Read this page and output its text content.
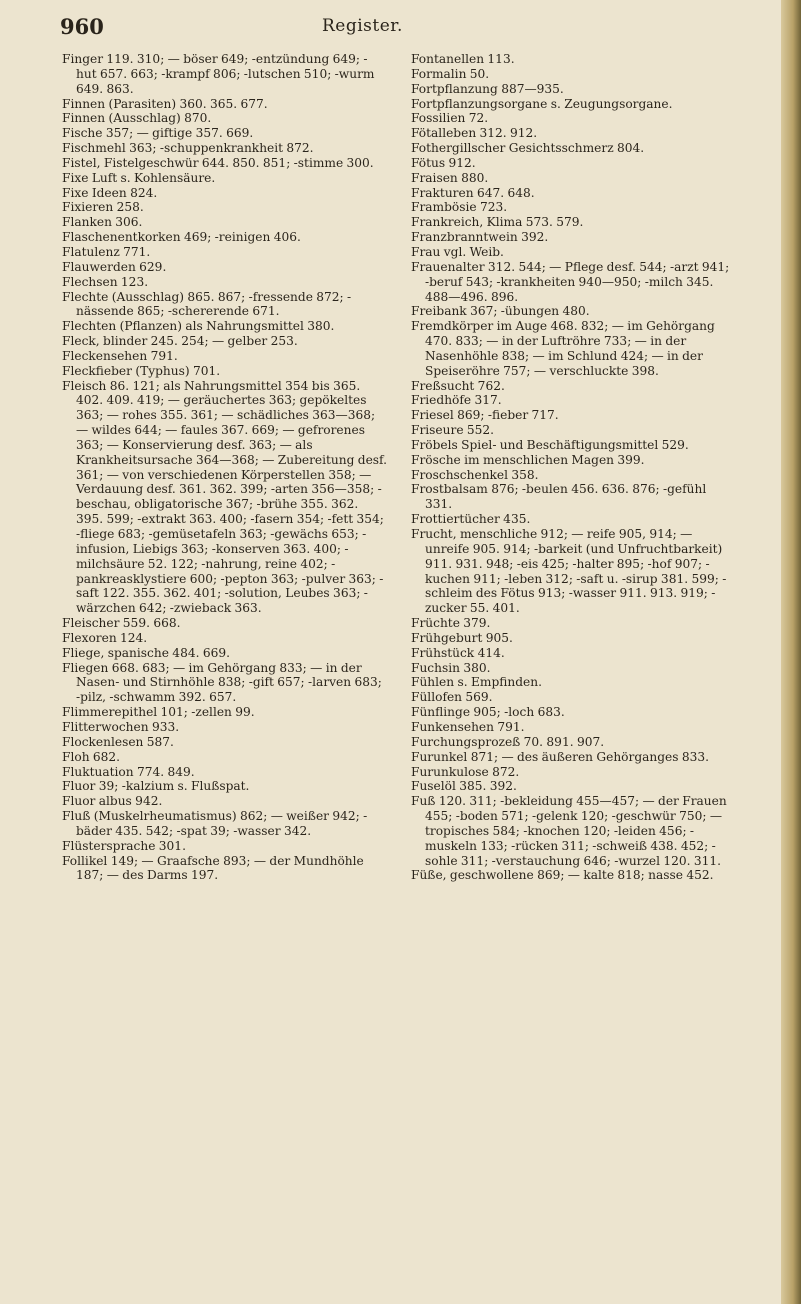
960	Register.

Finger 119. 310; — böser 649; -entzündung 649; -hut 657. 663; -krampf 806; -lutschen 510; -wurm 649. 863.

Finnen (Parasiten) 360. 365. 677.

Finnen (Ausschlag) 870.

Fische 357; — giftige 357. 669.

Fischmehl 363; -schuppenkrankheit 872.

Fistel, Fistelgeschwür 644. 850. 851; -stimme 300.

Fixe Luft s. Kohlensäure.

Fixe Ideen 824.

Fixieren 258.

Flanken 306.

Flaschenentkorken 469; -reinigen 406.

Flatulenz 771.

Flauwerden 629.

Flechsen 123.

Flechte (Ausschlag) 865. 867; -fressende 872; -nässende 865; -schererende 671.

Flechten (Pflanzen) als Nahrungsmittel 380.

Fleck, blinder 245. 254; — gelber 253.

Fleckensehen 791.

Fleckfieber (Typhus) 701.

Fleisch 86. 121; als Nahrungsmittel 354 bis 365. 402. 409. 419; — geräuchertes 363; gepökeltes 363; — rohes 355. 361; — schädliches 363—368; — wildes 644; — faules 367. 669; — gefrorenes 363; — Konservierung desf. 363; — als Krankheitsursache 364—368; — Zubereitung desf. 361; — von verschiedenen Körperstellen 358; — Verdauung desf. 361. 362. 399; -arten 356—358; -beschau, obligatorische 367; -brühe 355. 362. 395. 599; -extrakt 363. 400; -fasern 354; -fett 354; -fliege 683; -gemüsetafeln 363; -gewächs 653; -infusion, Liebigs 363; -konserven 363. 400; -milchsäure 52. 122; -nahrung, reine 402; -pankreasklystiere 600; -pepton 363; -pulver 363; -saft 122. 355. 362. 401; -solution, Leubes 363; -wärzchen 642; -zwieback 363.

Fleischer 559. 668.

Flexoren 124.

Fliege, spanische 484. 669.

Fliegen 668. 683; — im Gehörgang 833; — in der Nasen- und Stirnhöhle 838; -gift 657; -larven 683; -pilz, -schwamm 392. 657.

Flimmerepithel 101; -zellen 99.

Flitterwochen 933.

Flockenlesen 587.

Floh 682.

Fluktuation 774. 849.

Fluor 39; -kalzium s. Flußspat.

Fluor albus 942.

Fluß (Muskelrheumatismus) 862; — weißer 942; -bäder 435. 542; -spat 39; -wasser 342.

Flüstersprache 301.

Follikel 149; — Graafsche 893; — der Mundhöhle 187; — des Darms 197.

Fontanellen 113.

Formalin 50.

Fortpflanzung 887—935.

Fortpflanzungsorgane s. Zeugungsorgane.

Fossilien 72.

Fötalleben 312. 912.

Fothergillscher Gesichtsschmerz 804.

Fötus 912.

Fraisen 880.

Frakturen 647. 648.

Frambösie 723.

Frankreich, Klima 573. 579.

Franzbranntwein 392.

Frau vgl. Weib.

Frauenalter 312. 544; — Pflege desf. 544; -arzt 941; -beruf 543; -krankheiten 940—950; -milch 345. 488—496. 896.

Freibank 367; -übungen 480.

Fremdkörper im Auge 468. 832; — im Gehörgang 470. 833; — in der Luftröhre 733; — in der Nasenhöhle 838; — im Schlund 424; — in der Speiseröhre 757; — verschluckte 398.

Freßsucht 762.

Friedhöfe 317.

Friesel 869; -fieber 717.

Friseure 552.

Fröbels Spiel- und Beschäftigungsmittel 529.

Frösche im menschlichen Magen 399.

Froschschenkel 358.

Frostbalsam 876; -beulen 456. 636. 876; -gefühl 331.

Frottiertücher 435.

Frucht, menschliche 912; — reife 905, 914; — unreife 905. 914; -barkeit (und Unfruchtbarkeit) 911. 931. 948; -eis 425; -halter 895; -hof 907; -kuchen 911; -leben 312; -saft u. -sirup 381. 599; -schleim des Fötus 913; -wasser 911. 913. 919; -zucker 55. 401.

Früchte 379.

Frühgeburt 905.

Frühstück 414.

Fuchsin 380.

Fühlen s. Empfinden.

Füllofen 569.

Fünflinge 905; -loch 683.

Funkensehen 791.

Furchungsprozeß 70. 891. 907.

Furunkel 871; — des äußeren Gehörganges 833.

Furunkulose 872.

Fuselöl 385. 392.

Fuß 120. 311; -bekleidung 455—457; — der Frauen 455; -boden 571; -gelenk 120; -geschwür 750; — tropisches 584; -knochen 120; -leiden 456; -muskeln 133; -rücken 311; -schweiß 438. 452; -sohle 311; -verstauchung 646; -wurzel 120. 311.

Füße, geschwollene 869; — kalte 818; nasse 452.
